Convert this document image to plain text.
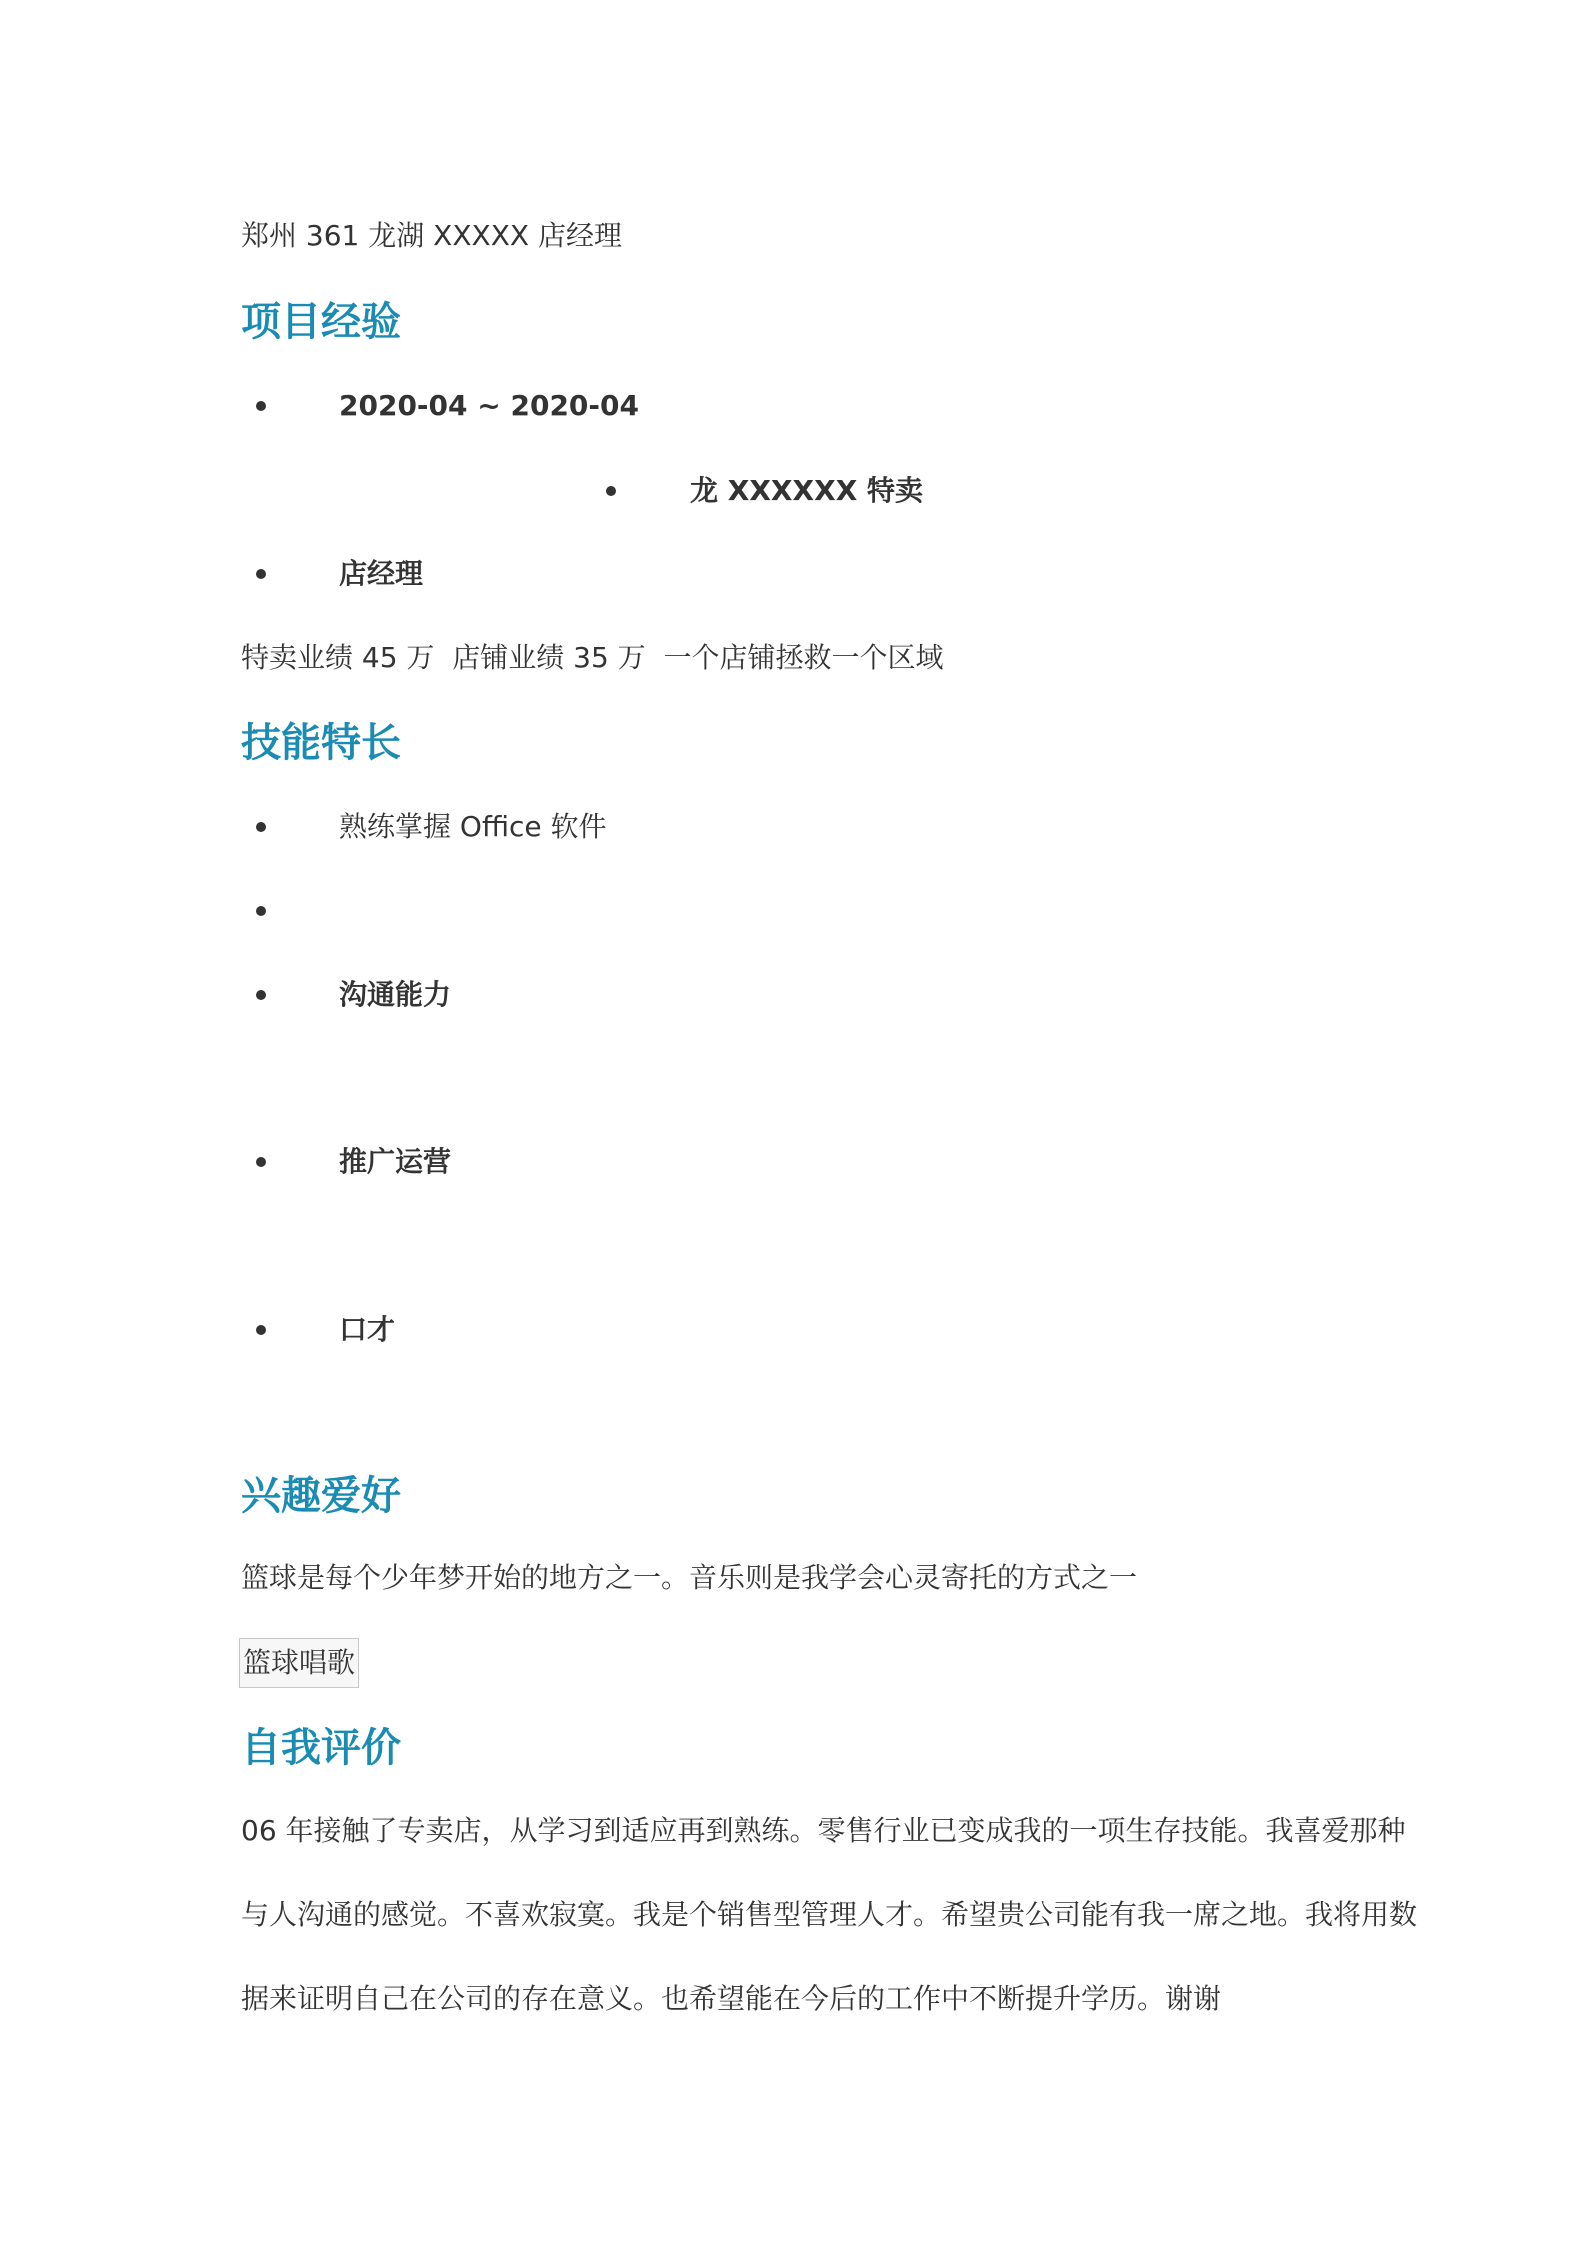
郑州 361 龙湖 XXXXX 店经理
项目经验
2020-04 ~ 2020-04
龙 XXXXXX 特卖
店经理
特卖业绩 45 万  店铺业绩 35 万  一个店铺拯救一个区域
技能特长
熟练掌握 Office 软件
沟通能力
推广运营
口才
兴趣爱好
篮球是每个少年梦开始的地方之一。音乐则是我学会心灵寄托的方式之一
篮球唱歌
自我评价
06 年接触了专卖店，从学习到适应再到熟练。零售行业已变成我的一项生存技能。我喜爱那种
与人沟通的感觉。不喜欢寂寞。我是个销售型管理人才。希望贵公司能有我一席之地。我将用数
据来证明自己在公司的存在意义。也希望能在今后的工作中不断提升学历。谢谢
